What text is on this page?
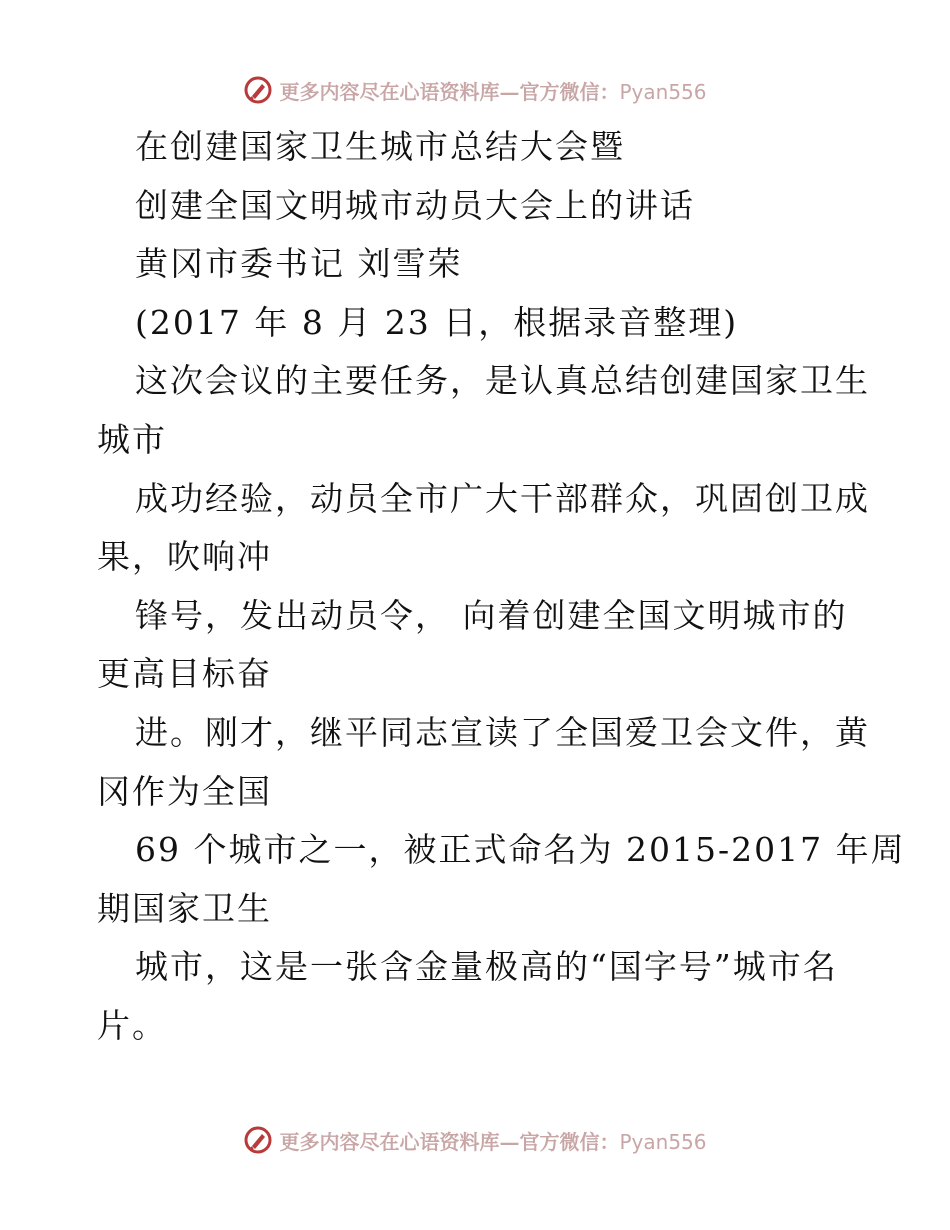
更多内容尽在心语资料库—官方微信：Pyan556
在创建国家卫生城市总结大会暨
创建全国文明城市动员大会上的讲话
黄冈市委书记 刘雪荣
(2017 年 8 月 23 日，根据录音整理)
这次会议的主要任务，是认真总结创建国家卫生
城市
成功经验，动员全市广大干部群众，巩固创卫成
果，吹响冲
锋号，发出动员令， 向着创建全国文明城市的
更高目标奋
进。刚才，继平同志宣读了全国爱卫会文件，黄
冈作为全国
69 个城市之一，被正式命名为 2015-2017 年周
期国家卫生
城市，这是一张含金量极高的“国字号”城市名
片。
更多内容尽在心语资料库—官方微信：Pyan556
